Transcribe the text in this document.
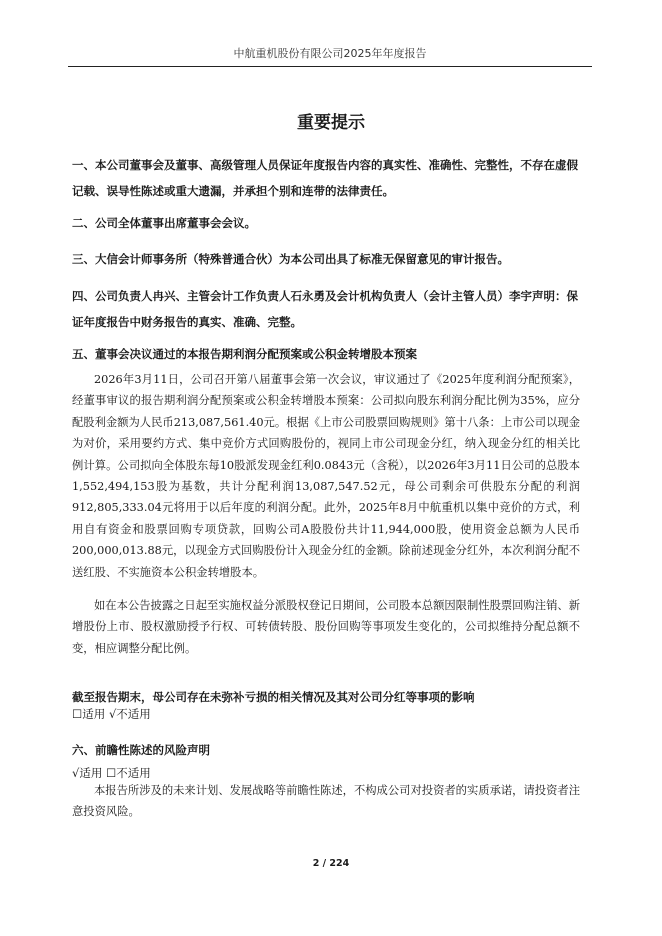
中航重机股份有限公司2025年年度报告
重要提示
一、本公司董事会及董事、高级管理人员保证年度报告内容的真实性、准确性、完整性，不存在虚假记载、误导性陈述或重大遗漏，并承担个别和连带的法律责任。
二、公司全体董事出席董事会会议。
三、大信会计师事务所（特殊普通合伙）为本公司出具了标准无保留意见的审计报告。
四、公司负责人冉兴、主管会计工作负责人石永勇及会计机构负责人（会计主管人员）李宇声明：保证年度报告中财务报告的真实、准确、完整。
五、董事会决议通过的本报告期利润分配预案或公积金转增股本预案
2026年3月11日，公司召开第八届董事会第一次会议，审议通过了《2025年度利润分配预案》，经董事审议的报告期利润分配预案或公积金转增股本预案：公司拟向股东利润分配比例为35%，应分配股利金额为人民币213,087,561.40元。根据《上市公司股票回购规则》第十八条：上市公司以现金为对价，采用要约方式、集中竞价方式回购股份的，视同上市公司现金分红，纳入现金分红的相关比例计算。公司拟向全体股东每10股派发现金红利0.0843元（含税），以2026年3月11日公司的总股本1,552,494,153股为基数，共计分配利润13,087,547.52元，母公司剩余可供股东分配的利润912,805,333.04元将用于以后年度的利润分配。此外，2025年8月中航重机以集中竞价的方式，利用自有资金和股票回购专项贷款，回购公司A股股份共计11,944,000股，使用资金总额为人民币200,000,013.88元，以现金方式回购股份计入现金分红的金额。除前述现金分红外，本次利润分配不送红股、不实施资本公积金转增股本。
如在本公告披露之日起至实施权益分派股权登记日期间，公司股本总额因限制性股票回购注销、新增股份上市、股权激励授予行权、可转债转股、股份回购等事项发生变化的，公司拟维持分配总额不变，相应调整分配比例。
截至报告期末，母公司存在未弥补亏损的相关情况及其对公司分红等事项的影响
☐适用 √不适用
六、前瞻性陈述的风险声明
√适用 ☐不适用
本报告所涉及的未来计划、发展战略等前瞻性陈述，不构成公司对投资者的实质承诺，请投资者注意投资风险。
2 / 224
